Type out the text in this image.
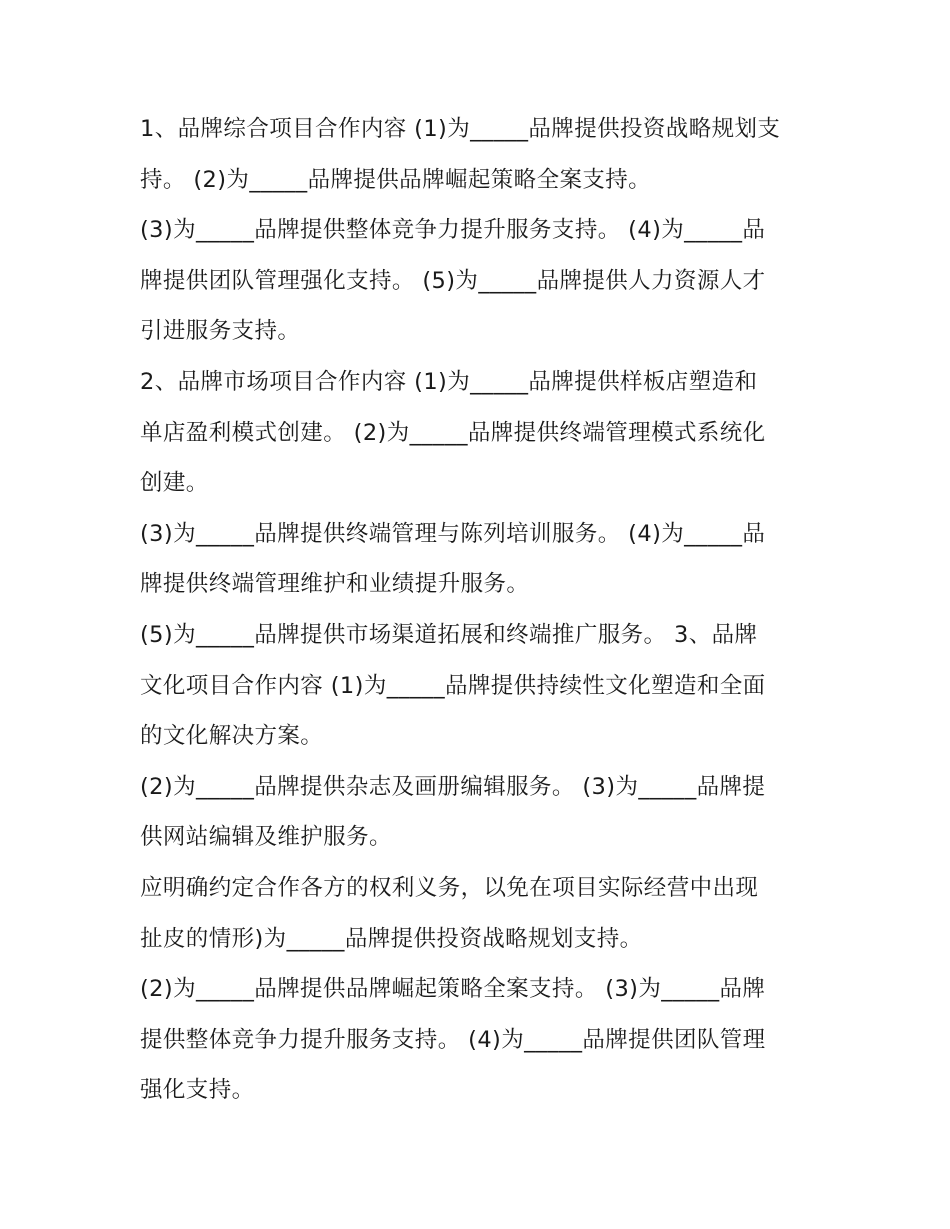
1、品牌综合项目合作内容 (1)为_____品牌提供投资战略规划支
持。 (2)为_____品牌提供品牌崛起策略全案支持。
(3)为_____品牌提供整体竞争力提升服务支持。 (4)为_____品
牌提供团队管理强化支持。 (5)为_____品牌提供人力资源人才
引进服务支持。
2、品牌市场项目合作内容 (1)为_____品牌提供样板店塑造和
单店盈利模式创建。 (2)为_____品牌提供终端管理模式系统化
创建。
(3)为_____品牌提供终端管理与陈列培训服务。 (4)为_____品
牌提供终端管理维护和业绩提升服务。
(5)为_____品牌提供市场渠道拓展和终端推广服务。 3、品牌
文化项目合作内容 (1)为_____品牌提供持续性文化塑造和全面
的文化解决方案。
(2)为_____品牌提供杂志及画册编辑服务。 (3)为_____品牌提
供网站编辑及维护服务。
应明确约定合作各方的权利义务，以免在项目实际经营中出现
扯皮的情形)为_____品牌提供投资战略规划支持。
(2)为_____品牌提供品牌崛起策略全案支持。 (3)为_____品牌
提供整体竞争力提升服务支持。 (4)为_____品牌提供团队管理
强化支持。
